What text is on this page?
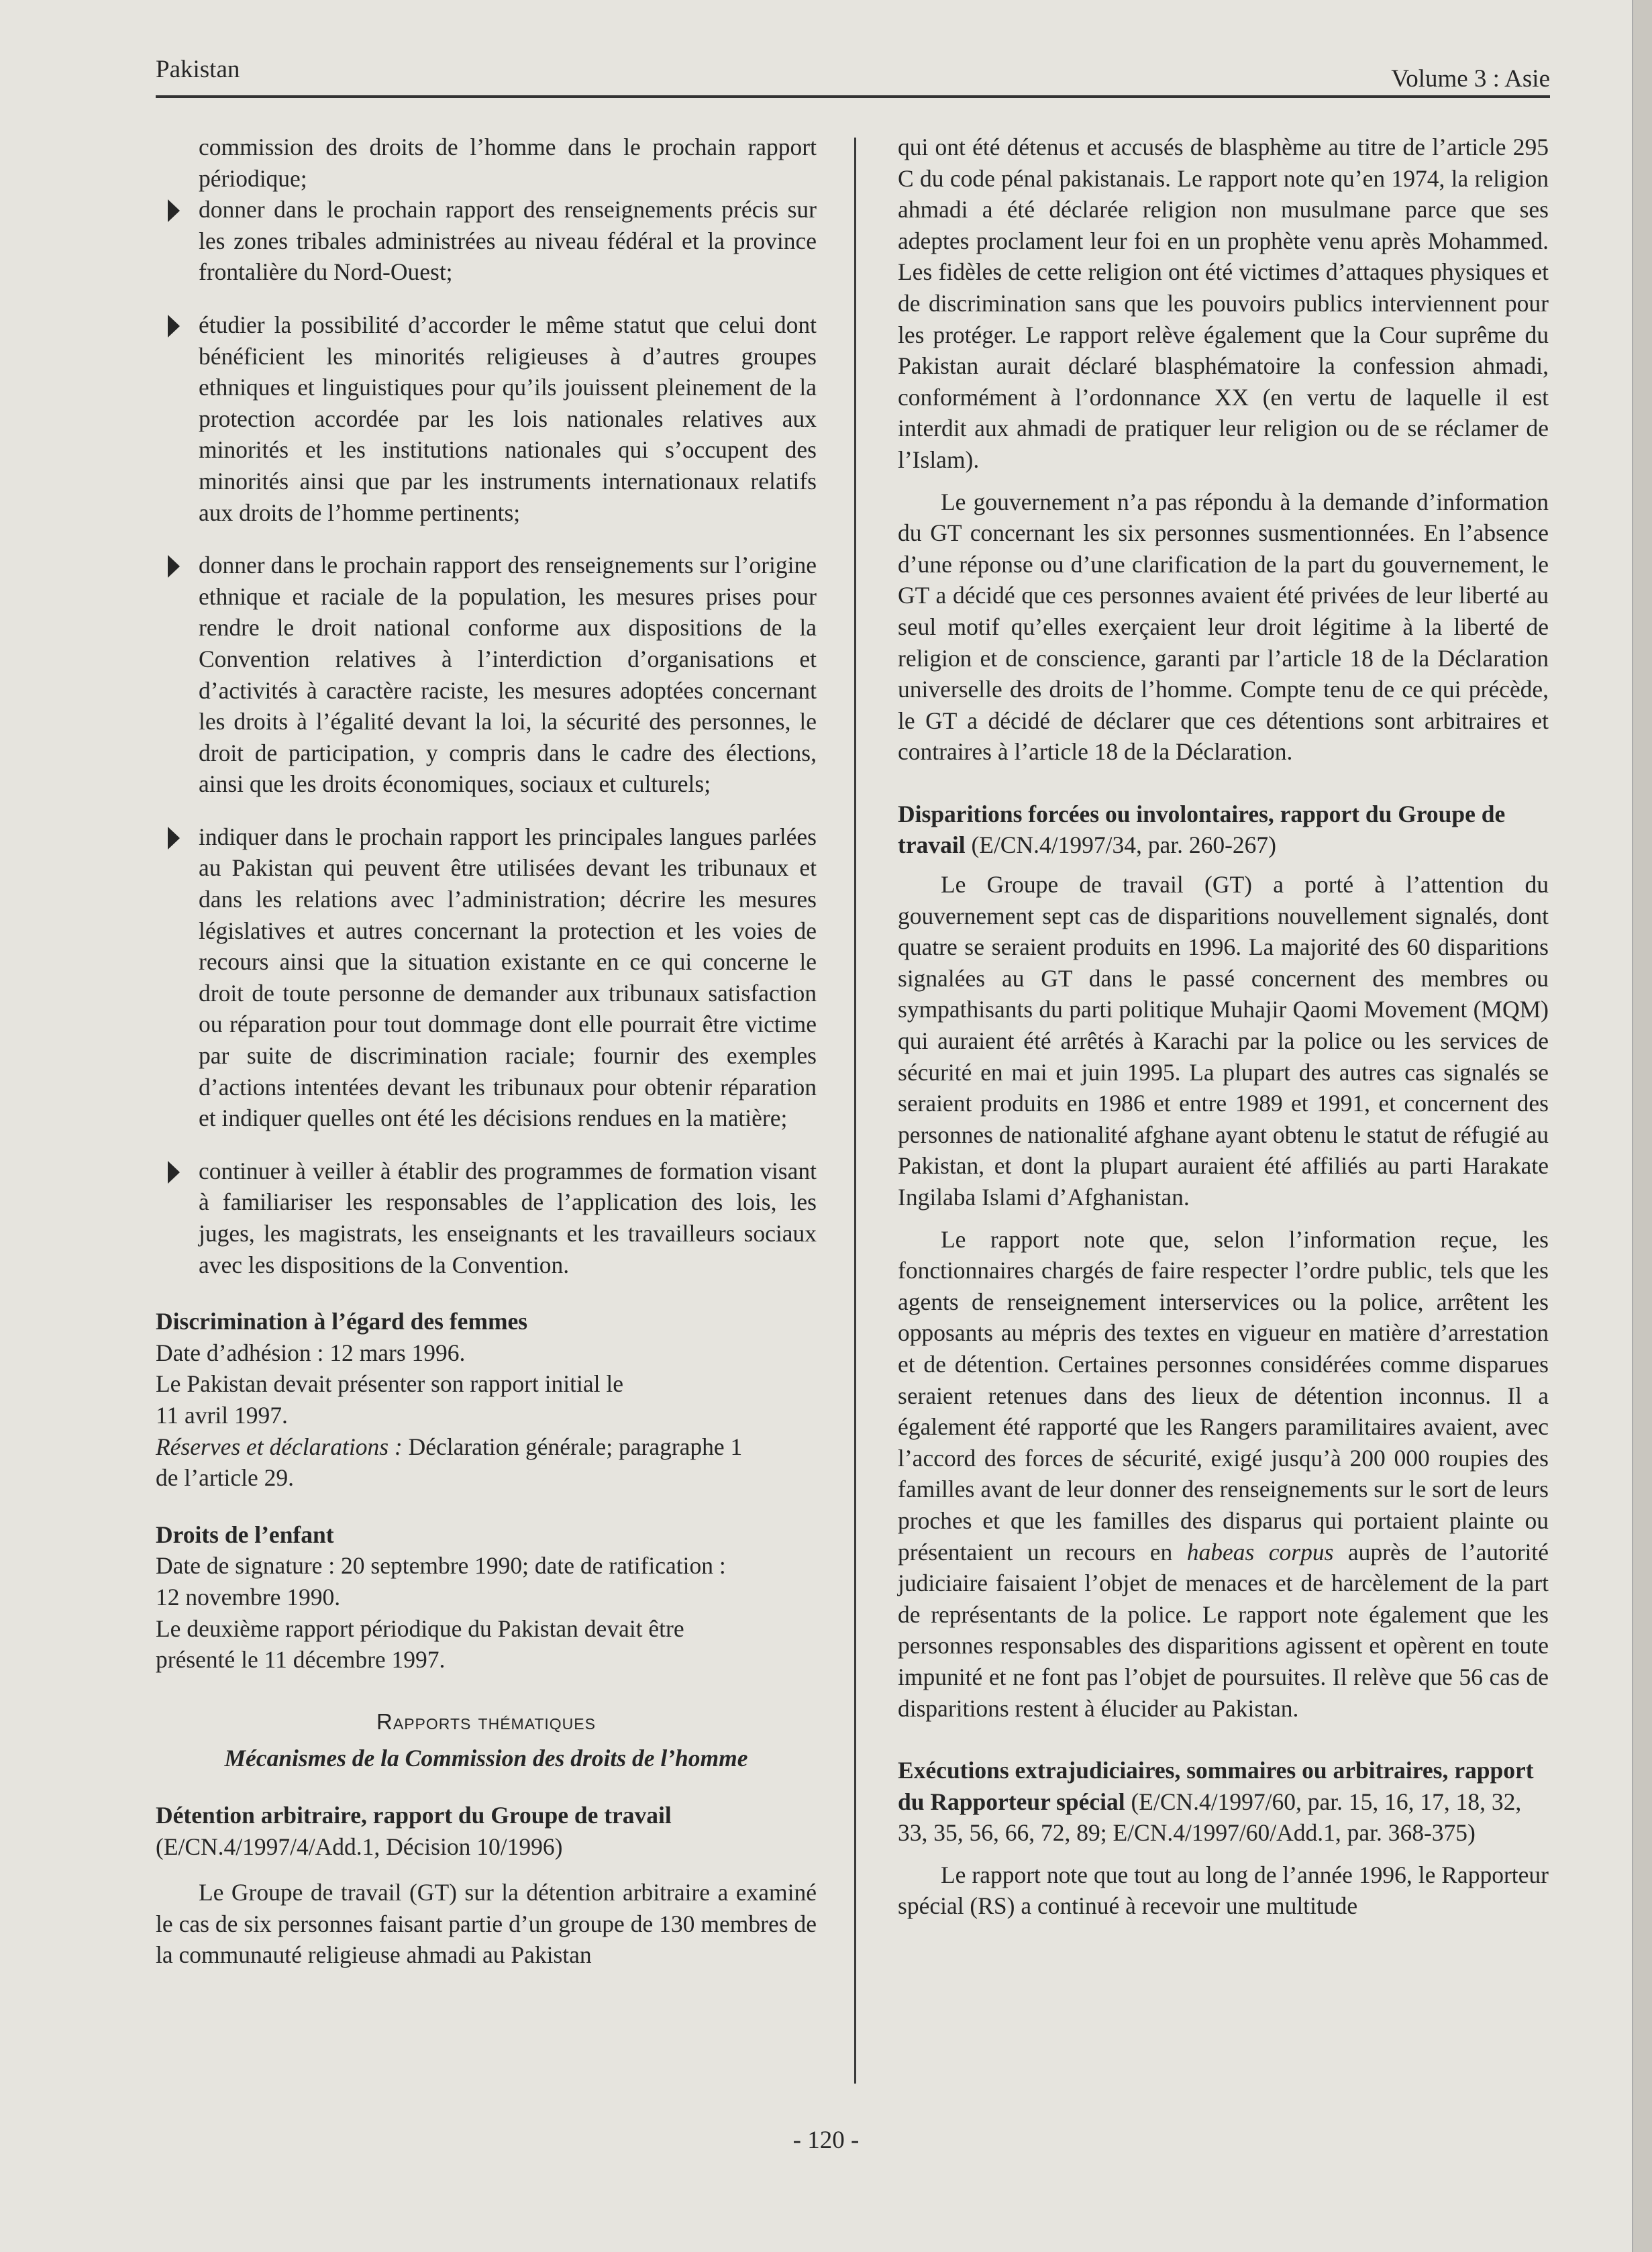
Pakistan	Volume 3 : Asie

commission des droits de l’homme dans le prochain rapport périodique;

donner dans le prochain rapport des renseignements précis sur les zones tribales administrées au niveau fédéral et la province frontalière du Nord-Ouest;

étudier la possibilité d’accorder le même statut que celui dont bénéficient les minorités religieuses à d’autres groupes ethniques et linguistiques pour qu’ils jouissent pleinement de la protection accordée par les lois nationales relatives aux minorités et les institutions nationales qui s’occupent des minorités ainsi que par les instruments internationaux relatifs aux droits de l’homme pertinents;

donner dans le prochain rapport des renseignements sur l’origine ethnique et raciale de la population, les mesures prises pour rendre le droit national conforme aux dispositions de la Convention relatives à l’interdiction d’organisations et d’activités à caractère raciste, les mesures adoptées concernant les droits à l’égalité devant la loi, la sécurité des personnes, le droit de participation, y compris dans le cadre des élections, ainsi que les droits économiques, sociaux et culturels;

indiquer dans le prochain rapport les principales langues parlées au Pakistan qui peuvent être utilisées devant les tribunaux et dans les relations avec l’administration; décrire les mesures législatives et autres concernant la protection et les voies de recours ainsi que la situation existante en ce qui concerne le droit de toute personne de demander aux tribunaux satisfaction ou réparation pour tout dommage dont elle pourrait être victime par suite de discrimination raciale; fournir des exemples d’actions intentées devant les tribunaux pour obtenir réparation et indiquer quelles ont été les décisions rendues en la matière;

continuer à veiller à établir des programmes de formation visant à familiariser les responsables de l’application des lois, les juges, les magistrats, les enseignants et les travailleurs sociaux avec les dispositions de la Convention.

Discrimination à l’égard des femmes

Date d’adhésion : 12 mars 1996.

Le Pakistan devait présenter son rapport initial le

11 avril 1997.

Réserves et déclarations : Déclaration générale; paragraphe 1

de l’article 29.

Droits de l’enfant

Date de signature : 20 septembre 1990; date de ratification :

12 novembre 1990.

Le deuxième rapport périodique du Pakistan devait être

présenté le 11 décembre 1997.

Rapports thématiques

Mécanismes de la Commission des droits de l’homme

Détention arbitraire, rapport du Groupe de travail

(E/CN.4/1997/4/Add.1, Décision 10/1996)

Le Groupe de travail (GT) sur la détention arbitraire a examiné le cas de six personnes faisant partie d’un groupe de 130 membres de la communauté religieuse ahmadi au Pakistan

qui ont été détenus et accusés de blasphème au titre de l’article 295 C du code pénal pakistanais. Le rapport note qu’en 1974, la religion ahmadi a été déclarée religion non musulmane parce que ses adeptes proclament leur foi en un prophète venu après Mohammed. Les fidèles de cette religion ont été victimes d’attaques physiques et de discrimination sans que les pouvoirs publics interviennent pour les protéger. Le rapport relève également que la Cour suprême du Pakistan aurait déclaré blasphématoire la confession ahmadi, conformément à l’ordonnance XX (en vertu de laquelle il est interdit aux ahmadi de pratiquer leur religion ou de se réclamer de l’Islam).

Le gouvernement n’a pas répondu à la demande d’information du GT concernant les six personnes susmentionnées. En l’absence d’une réponse ou d’une clarification de la part du gouvernement, le GT a décidé que ces personnes avaient été privées de leur liberté au seul motif qu’elles exerçaient leur droit légitime à la liberté de religion et de conscience, garanti par l’article 18 de la Déclaration universelle des droits de l’homme. Compte tenu de ce qui précède, le GT a décidé de déclarer que ces détentions sont arbitraires et contraires à l’article 18 de la Déclaration.

Disparitions forcées ou involontaires, rapport du Groupe de travail (E/CN.4/1997/34, par. 260-267)

Le Groupe de travail (GT) a porté à l’attention du gouvernement sept cas de disparitions nouvellement signalés, dont quatre se seraient produits en 1996. La majorité des 60 disparitions signalées au GT dans le passé concernent des membres ou sympathisants du parti politique Muhajir Qaomi Movement (MQM) qui auraient été arrêtés à Karachi par la police ou les services de sécurité en mai et juin 1995. La plupart des autres cas signalés se seraient produits en 1986 et entre 1989 et 1991, et concernent des personnes de nationalité afghane ayant obtenu le statut de réfugié au Pakistan, et dont la plupart auraient été affiliés au parti Harakate Ingilaba Islami d’Afghanistan.

Le rapport note que, selon l’information reçue, les fonctionnaires chargés de faire respecter l’ordre public, tels que les agents de renseignement interservices ou la police, arrêtent les opposants au mépris des textes en vigueur en matière d’arrestation et de détention. Certaines personnes considérées comme disparues seraient retenues dans des lieux de détention inconnus. Il a également été rapporté que les Rangers paramilitaires avaient, avec l’accord des forces de sécurité, exigé jusqu’à 200 000 roupies des familles avant de leur donner des renseignements sur le sort de leurs proches et que les familles des disparus qui portaient plainte ou présentaient un recours en habeas corpus auprès de l’autorité judiciaire faisaient l’objet de menaces et de harcèlement de la part de représentants de la police. Le rapport note également que les personnes responsables des disparitions agissent et opèrent en toute impunité et ne font pas l’objet de poursuites. Il relève que 56 cas de disparitions restent à élucider au Pakistan.

Exécutions extrajudiciaires, sommaires ou arbitraires, rapport du Rapporteur spécial (E/CN.4/1997/60, par. 15, 16, 17, 18, 32, 33, 35, 56, 66, 72, 89; E/CN.4/1997/60/Add.1, par. 368-375)

Le rapport note que tout au long de l’année 1996, le Rapporteur spécial (RS) a continué à recevoir une multitude

- 120 -
